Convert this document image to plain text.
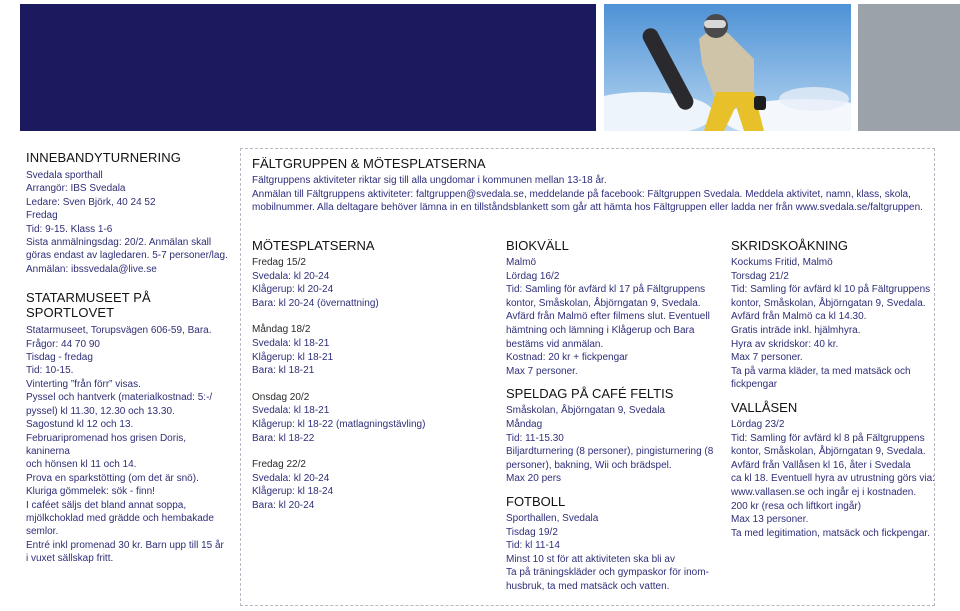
INNEBANDYTURNERING
Svedala sporthall
Arrangör: IBS Svedala
Ledare: Sven Björk, 40 24 52
Fredag
Tid: 9-15. Klass 1-6
Sista anmälningsdag: 20/2. Anmälan skall
göras endast av lagledaren. 5-7 personer/lag.
Anmälan: ibssvedala@live.se
STATARMUSEET PÅ SPORTLOVET
Statarmuseet, Torupsvägen 606-59, Bara.
Frågor: 44 70 90
Tisdag - fredag
Tid: 10-15.
Vinterting ”från förr” visas.
Pyssel och hantverk (materialkostnad: 5:-/
pyssel) kl 11.30, 12.30 och 13.30.
Sagostund kl 12 och 13.
Februaripromenad hos grisen Doris, kaninerna
och hönsen kl 11 och 14.
Prova en sparkstötting (om det är snö).
Kluriga gömmelek: sök - finn!
I caféet säljs det bland annat soppa,
mjölkchoklad med grädde och hembakade
semlor.
Entré inkl promenad 30 kr. Barn upp till 15 år
i vuxet sällskap fritt.
FÄLTGRUPPEN & MÖTESPLATSERNA
Fältgruppens aktiviteter riktar sig till alla ungdomar i kommunen mellan 13-18 år.
Anmälan till Fältgruppens aktiviteter: faltgruppen@svedala.se, meddelande på facebook: Fältgruppen Svedala. Meddela aktivitet, namn, klass, skola,
mobilnummer. Alla deltagare behöver lämna in en tillståndsblankett som går att hämta hos Fältgruppen eller ladda ner från www.svedala.se/faltgruppen.
MÖTESPLATSERNA
Fredag 15/2
Svedala: kl 20-24
Klågerup: kl 20-24
Bara: kl 20-24 (övernattning)
Måndag 18/2
Svedala: kl 18-21
Klågerup: kl 18-21
Bara: kl 18-21
Onsdag 20/2
Svedala: kl 18-21
Klågerup: kl 18-22 (matlagningstävling)
Bara: kl 18-22
Fredag 22/2
Svedala: kl 20-24
Klågerup: kl 18-24
Bara: kl 20-24
BIOKVÄLL
Malmö
Lördag 16/2
Tid: Samling för avfärd kl 17 på Fältgruppens
kontor, Småskolan, Åbjörngatan 9, Svedala.
Avfärd från Malmö efter filmens slut. Eventuell
hämtning och lämning i Klågerup och Bara
bestäms vid anmälan.
Kostnad: 20 kr + fickpengar
Max 7 personer.
SPELDAG PÅ CAFÉ FELTIS
Småskolan, Åbjörngatan 9, Svedala
Måndag
Tid: 11-15.30
Biljardturnering (8 personer), pingisturnering (8
personer), bakning, Wii och brädspel.
Max 20 pers
FOTBOLL
Sporthallen, Svedala
Tisdag 19/2
Tid: kl 11-14
Minst 10 st för att aktiviteten ska bli av
Ta på träningskläder och gympaskor för inom-
husbruk, ta med matsäck och vatten.
SKRIDSKOÅKNING
Kockums Fritid, Malmö
Torsdag 21/2
Tid: Samling för avfärd kl 10 på Fältgruppens
kontor, Småskolan, Åbjörngatan 9, Svedala.
Avfärd från Malmö ca kl 14.30.
Gratis inträde inkl. hjälmhyra.
Hyra av skridskor: 40 kr.
Max 7 personer.
Ta på varma kläder, ta med matsäck och
fickpengar
VALLÅSEN
Lördag 23/2
Tid: Samling för avfärd kl 8 på Fältgruppens
kontor, Småskolan, Åbjörngatan 9, Svedala.
Avfärd från Vallåsen kl 16, åter i Svedala
ca kl 18. Eventuell hyra av utrustning görs via:
www.vallasen.se och ingår ej i kostnaden.
200 kr (resa och liftkort ingår)
Max 13 personer.
Ta med legitimation, matsäck och fickpengar.
